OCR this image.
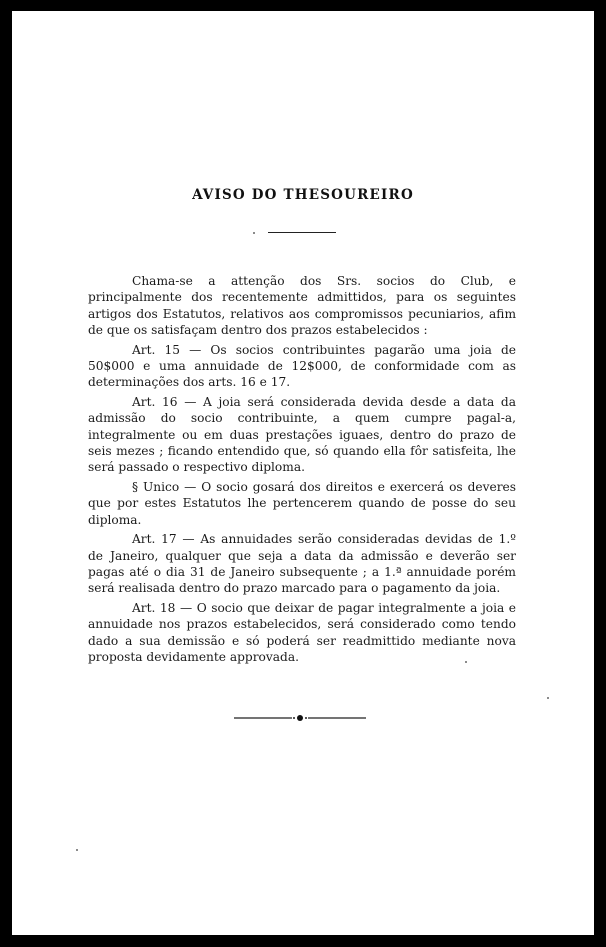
AVISO DO THESOUREIRO

Chama-se a attenção dos Srs. socios do Club, e principalmente dos recentemente admittidos, para os seguintes artigos dos Estatutos, relativos aos compromissos pecuniarios, afim de que os satisfaçam dentro dos prazos estabelecidos :

Art. 15 — Os socios contribuintes pagarão uma joia de 50$000 e uma annuidade de 12$000, de conformidade com as determinações dos arts. 16 e 17.

Art. 16 — A joia será considerada devida desde a data da admissão do socio contribuinte, a quem cumpre pagal-a, integralmente ou em duas prestações iguaes, dentro do prazo de seis mezes ; ficando entendido que, só quando ella fôr satisfeita, lhe será passado o respectivo diploma.

§ Unico — O socio gosará dos direitos e exercerá os deveres que por estes Estatutos lhe pertencerem quando de posse do seu diploma.

Art. 17 — As annuidades serão consideradas devidas de 1.º de Janeiro, qualquer que seja a data da admissão e deverão ser pagas até o dia 31 de Janeiro subsequente ; a 1.ª annuidade porém será realisada dentro do prazo marcado para o pagamento da joia.

Art. 18 — O socio que deixar de pagar integralmente a joia e annuidade nos prazos estabelecidos, será considerado como tendo dado a sua demissão e só poderá ser readmittido mediante nova proposta devidamente approvada.
